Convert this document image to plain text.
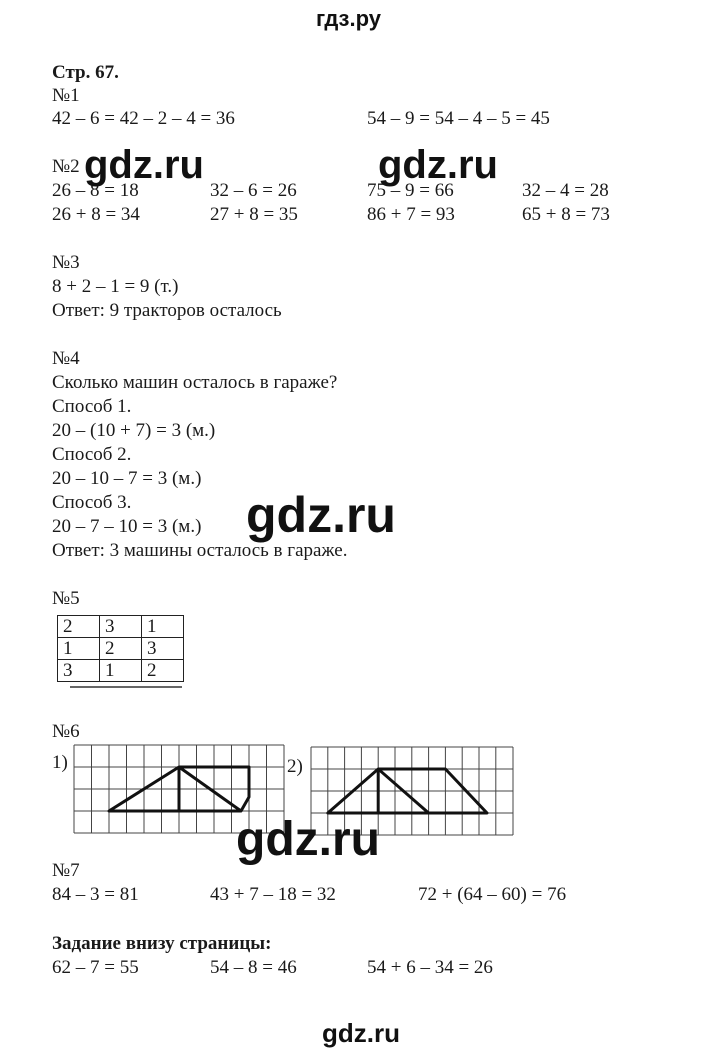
гдз.ру
Стр. 67.
№1
42 – 6 = 42 – 2 – 4 = 36	54 – 9 = 54 – 4 – 5 = 45
№2
26 – 8 = 18	32 – 6 = 26	75 – 9 = 66	32 – 4 = 28
26 + 8 = 34	27 + 8 = 35	86 + 7 = 93	65 + 8 = 73
№3
8 + 2 – 1 = 9 (т.)
Ответ: 9 тракторов осталось
№4
Сколько машин осталось в гараже?
Способ 1.
20 – (10 + 7) = 3 (м.)
Способ 2.
20 – 10 – 7 = 3 (м.)
Способ 3.
20 – 7 – 10 = 3 (м.)
Ответ: 3 машины осталось в гараже.
№5
2	3	1
1	2	3
3	1	2
№6
1)	2)
№7
84 – 3 = 81	43 + 7 – 18 = 32	72 + (64 – 60) = 76
Задание внизу страницы:
62 – 7 = 55	54 – 8 = 46	54 + 6 – 34 = 26
gdz.ru	gdz.ru
gdz.ru
gdz.ru
gdz.ru
